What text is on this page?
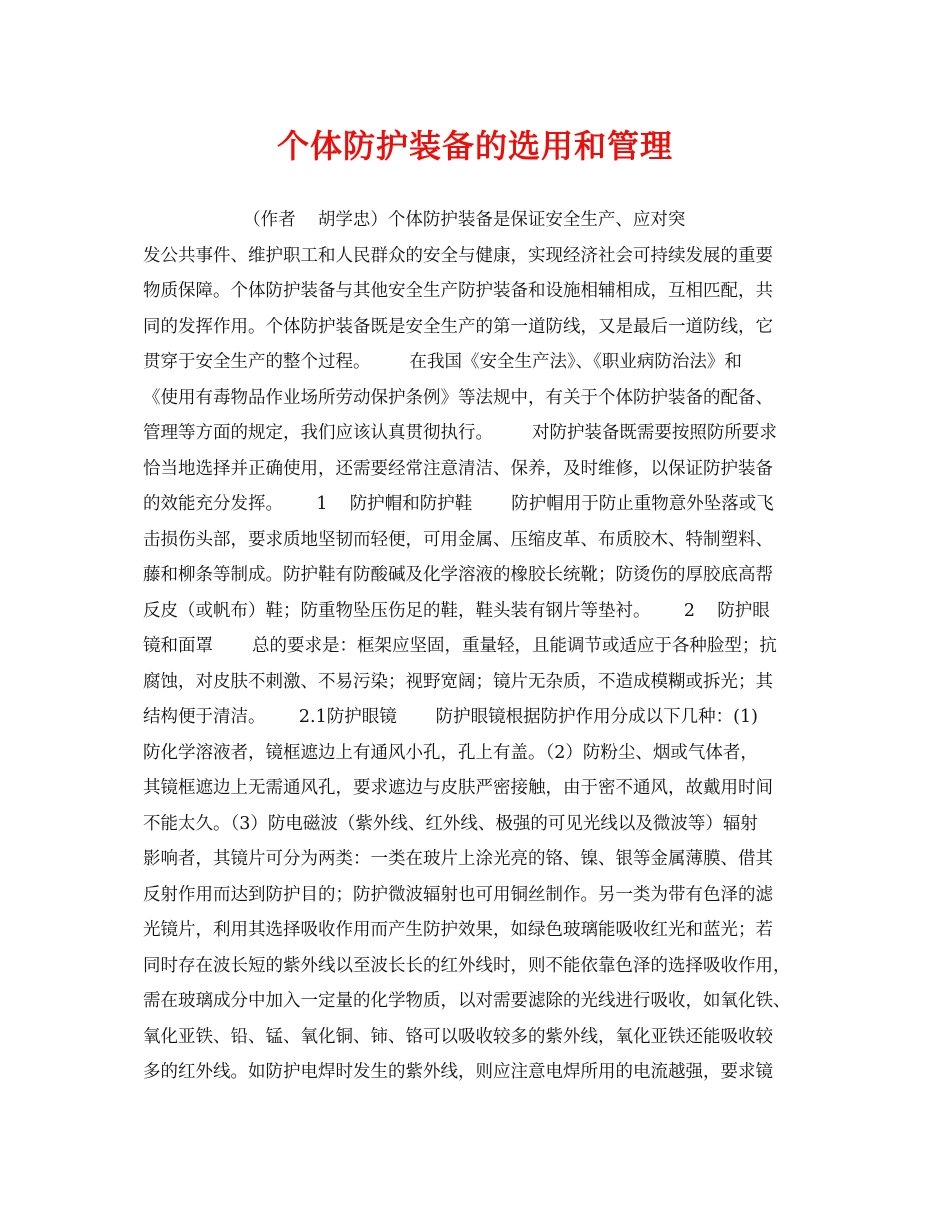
个体防护装备的选用和管理
（作者    胡学忠）个体防护装备是保证安全生产、应对突
发公共事件、维护职工和人民群众的安全与健康，实现经济社会可持续发展的重要
物质保障。个体防护装备与其他安全生产防护装备和设施相辅相成，互相匹配，共
同的发挥作用。个体防护装备既是安全生产的第一道防线，又是最后一道防线，它
贯穿于安全生产的整个过程。       在我国《安全生产法》、《职业病防治法》和
《使用有毒物品作业场所劳动保护条例》等法规中，有关于个体防护装备的配备、
管理等方面的规定，我们应该认真贯彻执行。       对防护装备既需要按照防所要求
恰当地选择并正确使用，还需要经常注意清洁、保养，及时维修，以保证防护装备
的效能充分发挥。      1    防护帽和防护鞋       防护帽用于防止重物意外坠落或飞
击损伤头部，要求质地坚韧而轻便，可用金属、压缩皮革、布质胶木、特制塑料、
藤和柳条等制成。防护鞋有防酸碱及化学溶液的橡胶长统靴；防烫伤的厚胶底高帮
反皮（或帆布）鞋；防重物坠压伤足的鞋，鞋头装有钢片等垫衬。      2    防护眼
镜和面罩       总的要求是：框架应坚固，重量轻，且能调节或适应于各种脸型；抗
腐蚀，对皮肤不刺激、不易污染；视野宽阔；镜片无杂质，不造成模糊或拆光；其
结构便于清洁。      2.1防护眼镜       防护眼镜根据防护作用分成以下几种：(1)
防化学溶液者，镜框遮边上有通风小孔，孔上有盖。（2）防粉尘、烟或气体者，
其镜框遮边上无需通风孔，要求遮边与皮肤严密接触，由于密不通风，故戴用时间
不能太久。（3）防电磁波（紫外线、红外线、极强的可见光线以及微波等）辐射
影响者，其镜片可分为两类：一类在玻片上涂光亮的铬、镍、银等金属薄膜、借其
反射作用而达到防护目的；防护微波辐射也可用铜丝制作。另一类为带有色泽的滤
光镜片，利用其选择吸收作用而产生防护效果，如绿色玻璃能吸收红光和蓝光；若
同时存在波长短的紫外线以至波长长的红外线时，则不能依靠色泽的选择吸收作用，
需在玻璃成分中加入一定量的化学物质，以对需要滤除的光线进行吸收，如氧化铁、
氧化亚铁、铅、锰、氧化铜、铈、铬可以吸收较多的紫外线，氧化亚铁还能吸收较
多的红外线。如防护电焊时发生的紫外线，则应注意电焊所用的电流越强，要求镜
